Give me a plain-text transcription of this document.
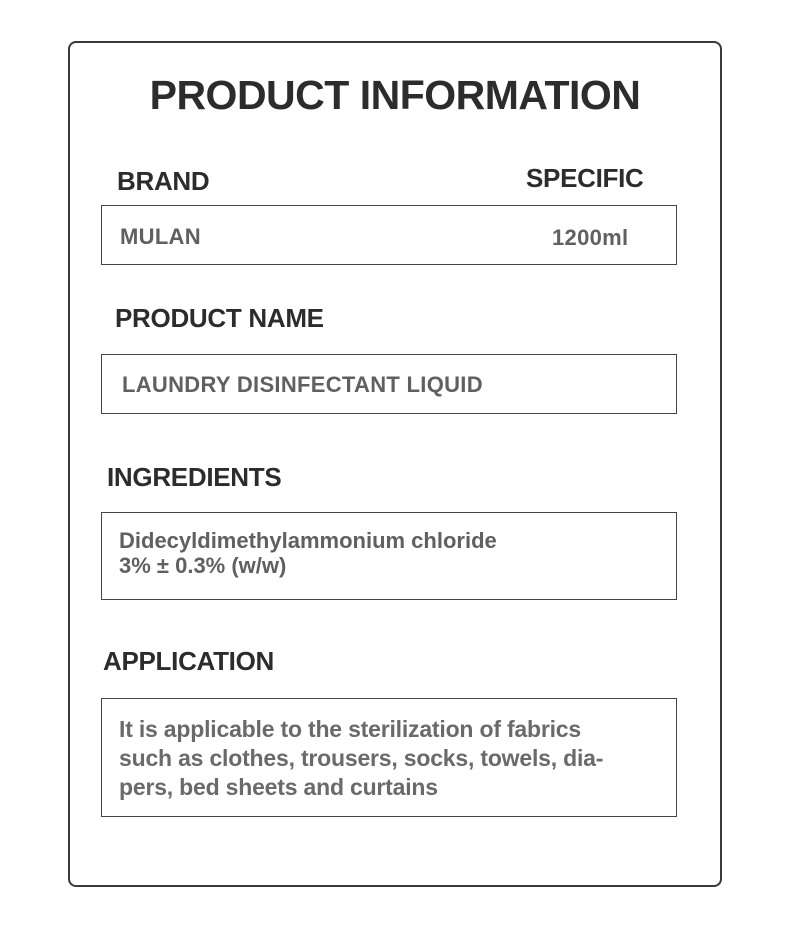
PRODUCT INFORMATION
BRAND	SPECIFIC
MULAN	1200ml
PRODUCT NAME
LAUNDRY DISINFECTANT LIQUID
INGREDIENTS
Didecyldimethylammonium chloride
3% ± 0.3% (w/w)
APPLICATION
It is applicable to the sterilization of fabrics
such as clothes, trousers, socks, towels, dia-
pers, bed sheets and curtains
